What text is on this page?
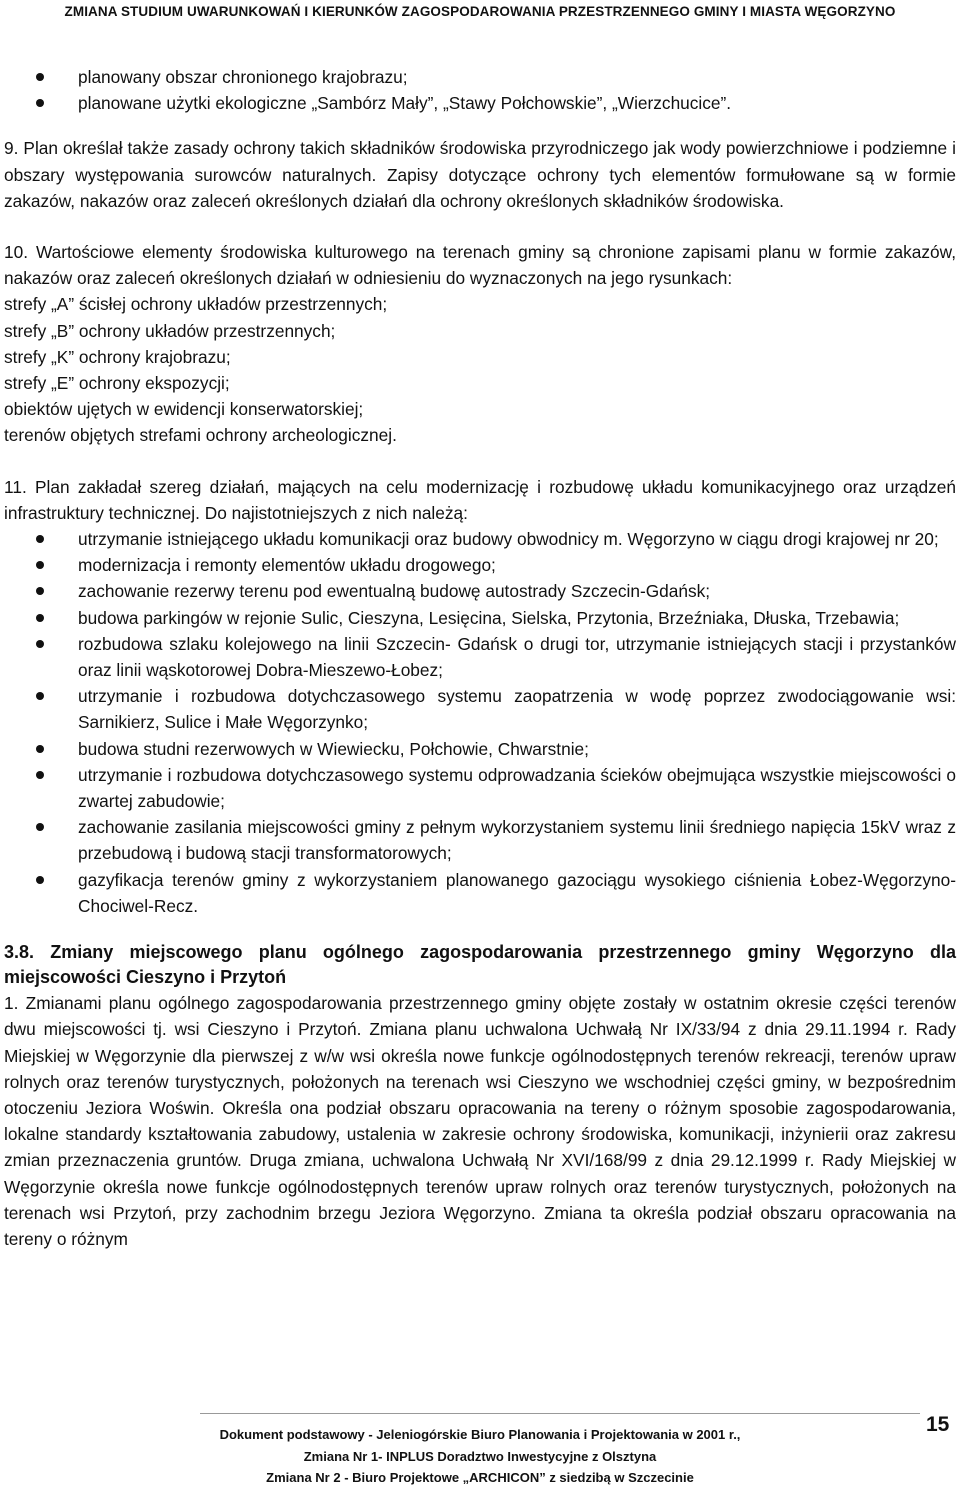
ZMIANA STUDIUM UWARUNKOWAŃ I KIERUNKÓW ZAGOSPODAROWANIA PRZESTRZENNEGO GMINY I MIASTA WĘGORZYNO
planowany obszar chronionego krajobrazu;
planowane użytki ekologiczne „Sambórz Mały”, „Stawy Połchowskie”, „Wierzchucice”.

9. Plan określał także zasady ochrony takich składników środowiska przyrodniczego jak wody powierzchniowe i podziemne i obszary występowania surowców naturalnych. Zapisy dotyczące ochrony tych elementów formułowane są w formie zakazów, nakazów oraz zaleceń określonych działań dla ochrony określonych składników środowiska.

10. Wartościowe elementy środowiska kulturowego na terenach gminy są chronione zapisami planu w formie zakazów, nakazów oraz zaleceń określonych działań w odniesieniu do wyznaczonych na jego rysunkach:

strefy „A” ścisłej ochrony układów przestrzennych;

strefy „B” ochrony układów przestrzennych;

strefy „K” ochrony krajobrazu;

strefy „E” ochrony ekspozycji;

obiektów ujętych w ewidencji konserwatorskiej;

terenów objętych strefami ochrony archeologicznej.

11. Plan zakładał szereg działań, mających na celu modernizację i rozbudowę układu komunikacyjnego oraz urządzeń infrastruktury technicznej. Do najistotniejszych z nich należą:

utrzymanie istniejącego układu komunikacji oraz budowy obwodnicy m. Węgorzyno w ciągu drogi krajowej nr 20;
modernizacja i remonty elementów układu drogowego;
zachowanie rezerwy terenu pod ewentualną budowę autostrady Szczecin-Gdańsk;
budowa parkingów w rejonie Sulic, Cieszyna, Lesięcina, Sielska, Przytonia, Brzeźniaka, Dłuska, Trzebawia;
rozbudowa szlaku kolejowego na linii Szczecin- Gdańsk o drugi tor, utrzymanie istniejących stacji i przystanków oraz linii wąskotorowej Dobra-Mieszewo-Łobez;
utrzymanie i rozbudowa dotychczasowego systemu zaopatrzenia w wodę poprzez zwodociągowanie wsi: Sarnikierz, Sulice i Małe Węgorzynko;
budowa studni rezerwowych w Wiewiecku, Połchowie, Chwarstnie;
utrzymanie i rozbudowa dotychczasowego systemu odprowadzania ścieków obejmująca wszystkie miejscowości o zwartej zabudowie;
zachowanie zasilania miejscowości gminy z pełnym wykorzystaniem systemu linii średniego napięcia 15kV wraz z przebudową i budową stacji transformatorowych;
gazyfikacja terenów gminy z wykorzystaniem planowanego gazociągu wysokiego ciśnienia Łobez-Węgorzyno-Chociwel-Recz.

3.8. Zmiany miejscowego planu ogólnego zagospodarowania przestrzennego gminy Węgorzyno dla miejscowości Cieszyno i Przytoń

1. Zmianami planu ogólnego zagospodarowania przestrzennego gminy objęte zostały w ostatnim okresie części terenów dwu miejscowości tj. wsi Cieszyno i Przytoń. Zmiana planu uchwalona Uchwałą Nr IX/33/94 z dnia 29.11.1994 r. Rady Miejskiej w Węgorzynie dla pierwszej z w/w wsi określa nowe funkcje ogólnodostępnych terenów rekreacji, terenów upraw rolnych oraz terenów turystycznych, położonych na terenach wsi Cieszyno we wschodniej części gminy, w bezpośrednim otoczeniu Jeziora Woświn. Określa ona podział obszaru opracowania na tereny o różnym sposobie zagospodarowania, lokalne standardy kształtowania zabudowy, ustalenia w zakresie ochrony środowiska, komunikacji, inżynierii oraz zakresu zmian przeznaczenia gruntów. Druga zmiana, uchwalona Uchwałą Nr XVI/168/99 z dnia 29.12.1999 r. Rady Miejskiej w Węgorzynie określa nowe funkcje ogólnodostępnych terenów upraw rolnych oraz terenów turystycznych, położonych na terenach wsi Przytoń, przy zachodnim brzegu Jeziora Węgorzyno. Zmiana ta określa podział obszaru opracowania na tereny o różnym

15
Dokument podstawowy - Jeleniogórskie Biuro Planowania i Projektowania w 2001 r.,
Zmiana Nr 1- INPLUS Doradztwo Inwestycyjne z Olsztyna
Zmiana Nr 2 - Biuro Projektowe „ARCHICON” z siedzibą w Szczecinie
